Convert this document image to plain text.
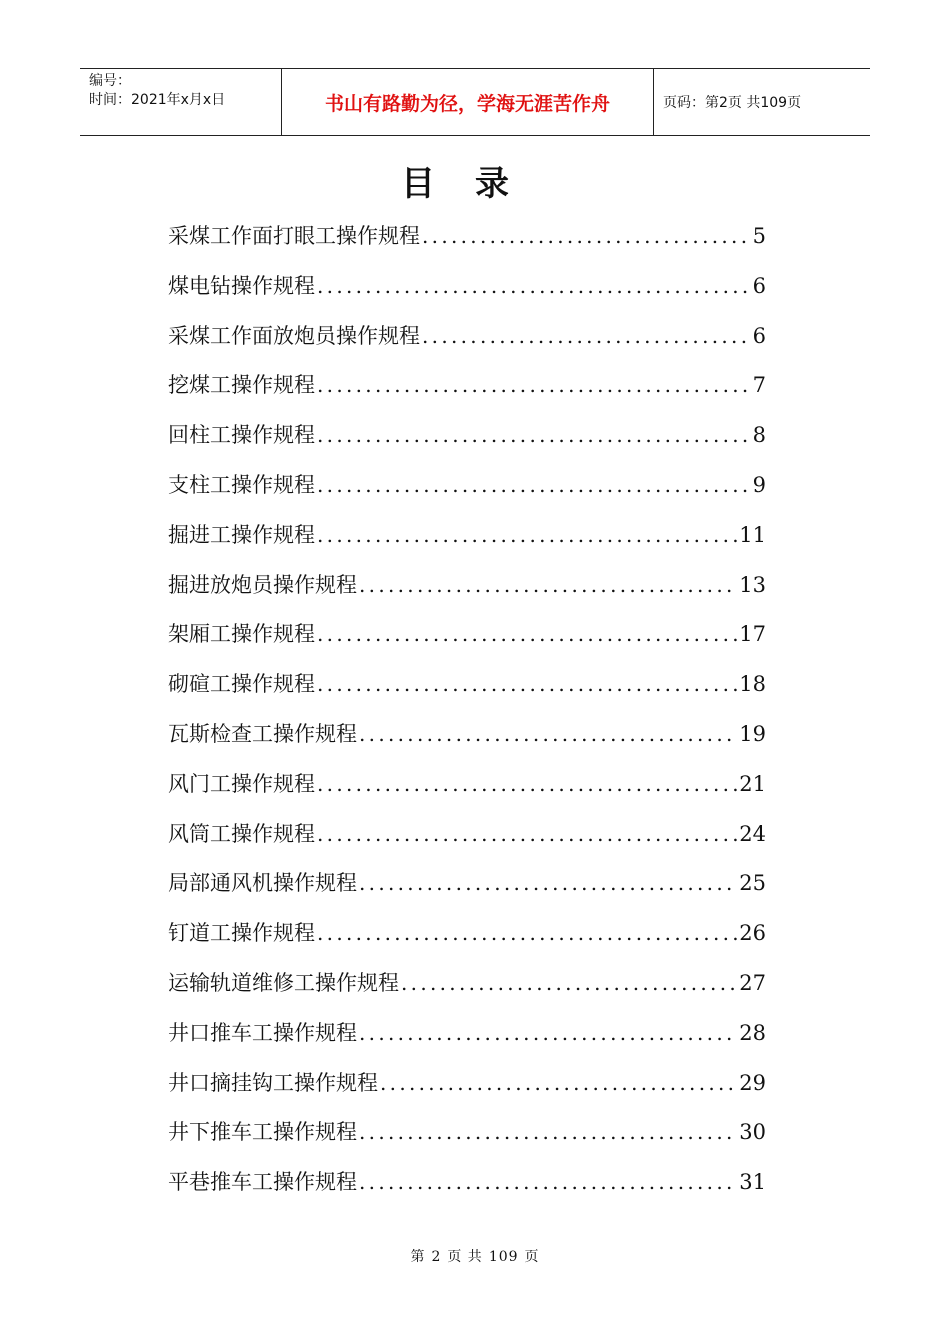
编号：
时间：2021年x月x日	书山有路勤为径，学海无涯苦作舟	页码：第2页 共109页
目录
采煤工作面打眼工操作规程 .....	5
煤电钻操作规程 .....	6
采煤工作面放炮员操作规程 .....	6
挖煤工操作规程 .....	7
回柱工操作规程 .....	8
支柱工操作规程 .....	9
掘进工操作规程 .....	11
掘进放炮员操作规程 .....	13
架厢工操作规程 .....	17
砌碹工操作规程 .....	18
瓦斯检查工操作规程 .....	19
风门工操作规程 .....	21
风筒工操作规程 .....	24
局部通风机操作规程 .....	25
钉道工操作规程 .....	26
运输轨道维修工操作规程 .....	27
井口推车工操作规程 .....	28
井口摘挂钩工操作规程 .....	29
井下推车工操作规程 .....	30
平巷推车工操作规程 .....	31
第 2 页 共 109 页
